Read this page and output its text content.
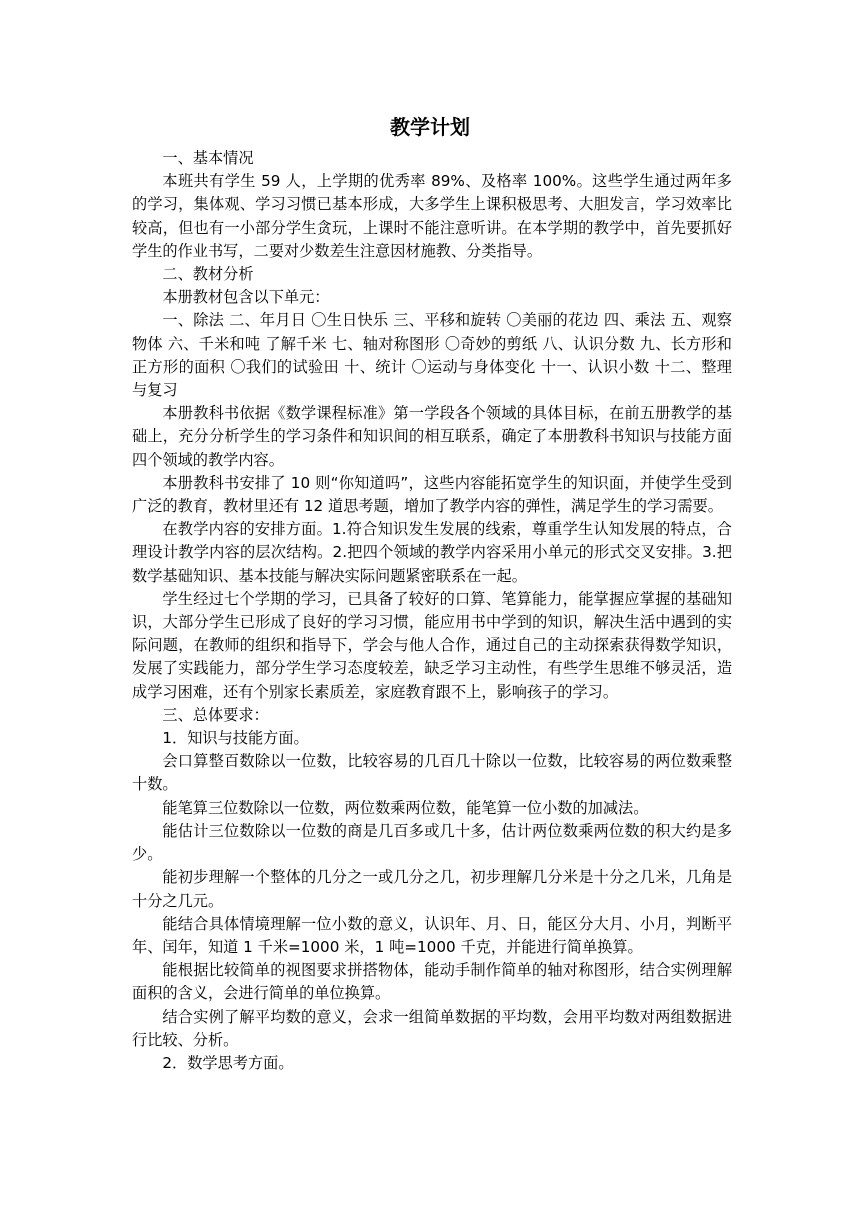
教学计划

一、基本情况

本班共有学生 59 人，上学期的优秀率 89%、及格率 100%。这些学生通过两年多的学习，集体观、学习习惯已基本形成，大多学生上课积极思考、大胆发言，学习效率比较高，但也有一小部分学生贪玩，上课时不能注意听讲。在本学期的教学中，首先要抓好学生的作业书写，二要对少数差生注意因材施教、分类指导。

二、教材分析

本册教材包含以下单元：

一、除法 二、年月日 〇生日快乐 三、平移和旋转 〇美丽的花边 四、乘法 五、观察物体 六、千米和吨 了解千米 七、轴对称图形 〇奇妙的剪纸 八、认识分数 九、长方形和正方形的面积 〇我们的试验田 十、统计 〇运动与身体变化 十一、认识小数 十二、整理与复习

本册教科书依据《数学课程标准》第一学段各个领域的具体目标，在前五册教学的基础上，充分分析学生的学习条件和知识间的相互联系，确定了本册教科书知识与技能方面四个领域的教学内容。

本册教科书安排了 10 则“你知道吗”，这些内容能拓宽学生的知识面，并使学生受到广泛的教育，教材里还有 12 道思考题，增加了教学内容的弹性，满足学生的学习需要。

在教学内容的安排方面。1.符合知识发生发展的线索，尊重学生认知发展的特点，合理设计教学内容的层次结构。2.把四个领域的教学内容采用小单元的形式交叉安排。3.把数学基础知识、基本技能与解决实际问题紧密联系在一起。

学生经过七个学期的学习，已具备了较好的口算、笔算能力，能掌握应掌握的基础知识，大部分学生已形成了良好的学习习惯，能应用书中学到的知识，解决生活中遇到的实际问题，在教师的组织和指导下，学会与他人合作，通过自己的主动探索获得数学知识，发展了实践能力，部分学生学习态度较差，缺乏学习主动性，有些学生思维不够灵活，造成学习困难，还有个别家长素质差，家庭教育跟不上，影响孩子的学习。

三、总体要求：

1．知识与技能方面。

会口算整百数除以一位数，比较容易的几百几十除以一位数，比较容易的两位数乘整十数。

能笔算三位数除以一位数，两位数乘两位数，能笔算一位小数的加减法。

能估计三位数除以一位数的商是几百多或几十多，估计两位数乘两位数的积大约是多少。

能初步理解一个整体的几分之一或几分之几，初步理解几分米是十分之几米，几角是十分之几元。

能结合具体情境理解一位小数的意义，认识年、月、日，能区分大月、小月，判断平年、闰年，知道 1 千米=1000 米，1 吨=1000 千克，并能进行简单换算。

能根据比较简单的视图要求拼搭物体，能动手制作简单的轴对称图形，结合实例理解面积的含义，会进行简单的单位换算。

结合实例了解平均数的意义，会求一组简单数据的平均数，会用平均数对两组数据进行比较、分析。

2．数学思考方面。
